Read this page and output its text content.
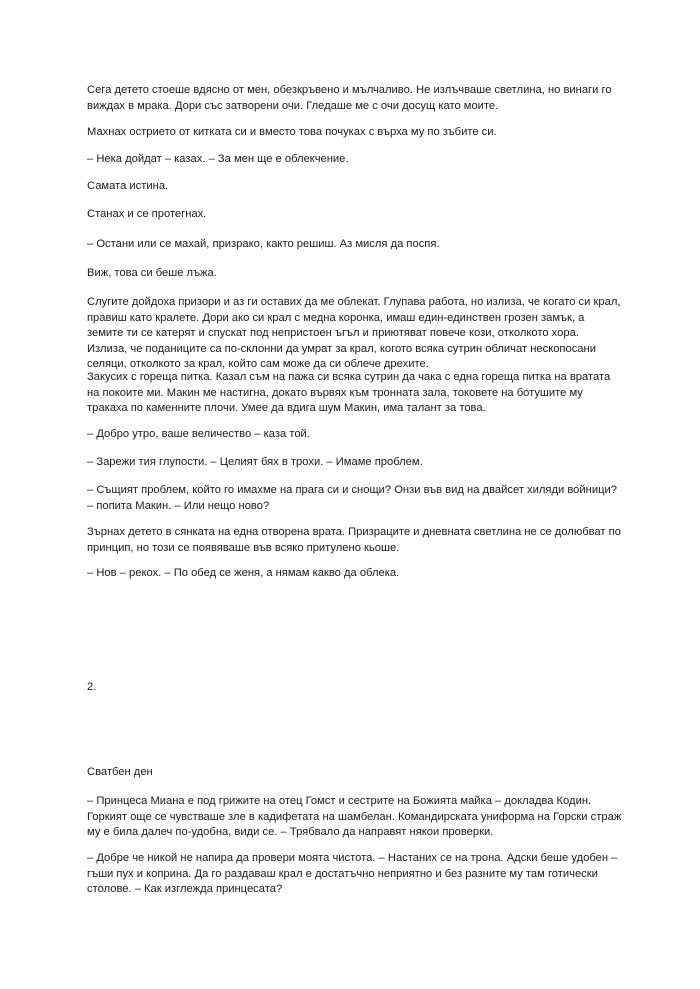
Сега детето стоеше вдясно от мен, обезкръвено и мълчаливо. Не излъчваше светлина, но винаги го виждах в мрака. Дори със затворени очи. Гледаше ме с очи досущ като моите.

Махнах острието от китката си и вместо това почуках с върха му по зъбите си.

– Нека дойдат – казах. – За мен ще е облекчение.

Самата истина.

Станах и се протегнах.

– Остани или се махай, призрако, както решиш. Аз мисля да поспя.

Виж, това си беше лъжа.

Слугите дойдоха призори и аз ги оставих да ме облекат. Глупава работа, но излиза, че когато си крал, правиш като кралете. Дори ако си крал с медна коронка, имаш един-единствен грозен замък, а земите ти се катерят и спускат под непристоен ъгъл и приютяват повече кози, отколкото хора. Излиза, че поданиците са по-склонни да умрат за крал, когото всяка сутрин обличат нескопосани селяци, отколкото за крал, който сам може да си облече дрехите.

Закусих с гореща питка. Казал съм на пажа си всяка сутрин да чака с една гореща питка на вратата на покоите ми. Макин ме настигна, докато вървях към тронната зала, токовете на ботушите му тракаха по каменните плочи. Умее да вдига шум Макин, има талант за това.

– Добро утро, ваше величество – каза той.

– Зарежи тия глупости. – Целият бях в трохи. – Имаме проблем.

– Същият проблем, който го имахме на прага си и снощи? Онзи във вид на двайсет хиляди войници? – попита Макин. – Или нещо ново?

Зърнах детето в сянката на една отворена врата. Призраците и дневната светлина не се долюбват по принцип, но този се появяваше във всяко притулено кьоше.

– Нов – рекох. – По обед се женя, а нямам какво да облека.

2.

Сватбен ден

– Принцеса Миана е под грижите на отец Гомст и сестрите на Божията майка – докладва Кодин. Горкият още се чувстваше зле в кадифетата на шамбелан. Командирската униформа на Горски страж му е била далеч по-удобна, види се. – Трябвало да направят някои проверки.

– Добре че никой не напира да провери моята чистота. – Настаних се на трона. Адски беше удобен – гъши пух и коприна. Да го раздаваш крал е достатъчно неприятно и без разните му там готически столове. – Как изглежда принцесата?
